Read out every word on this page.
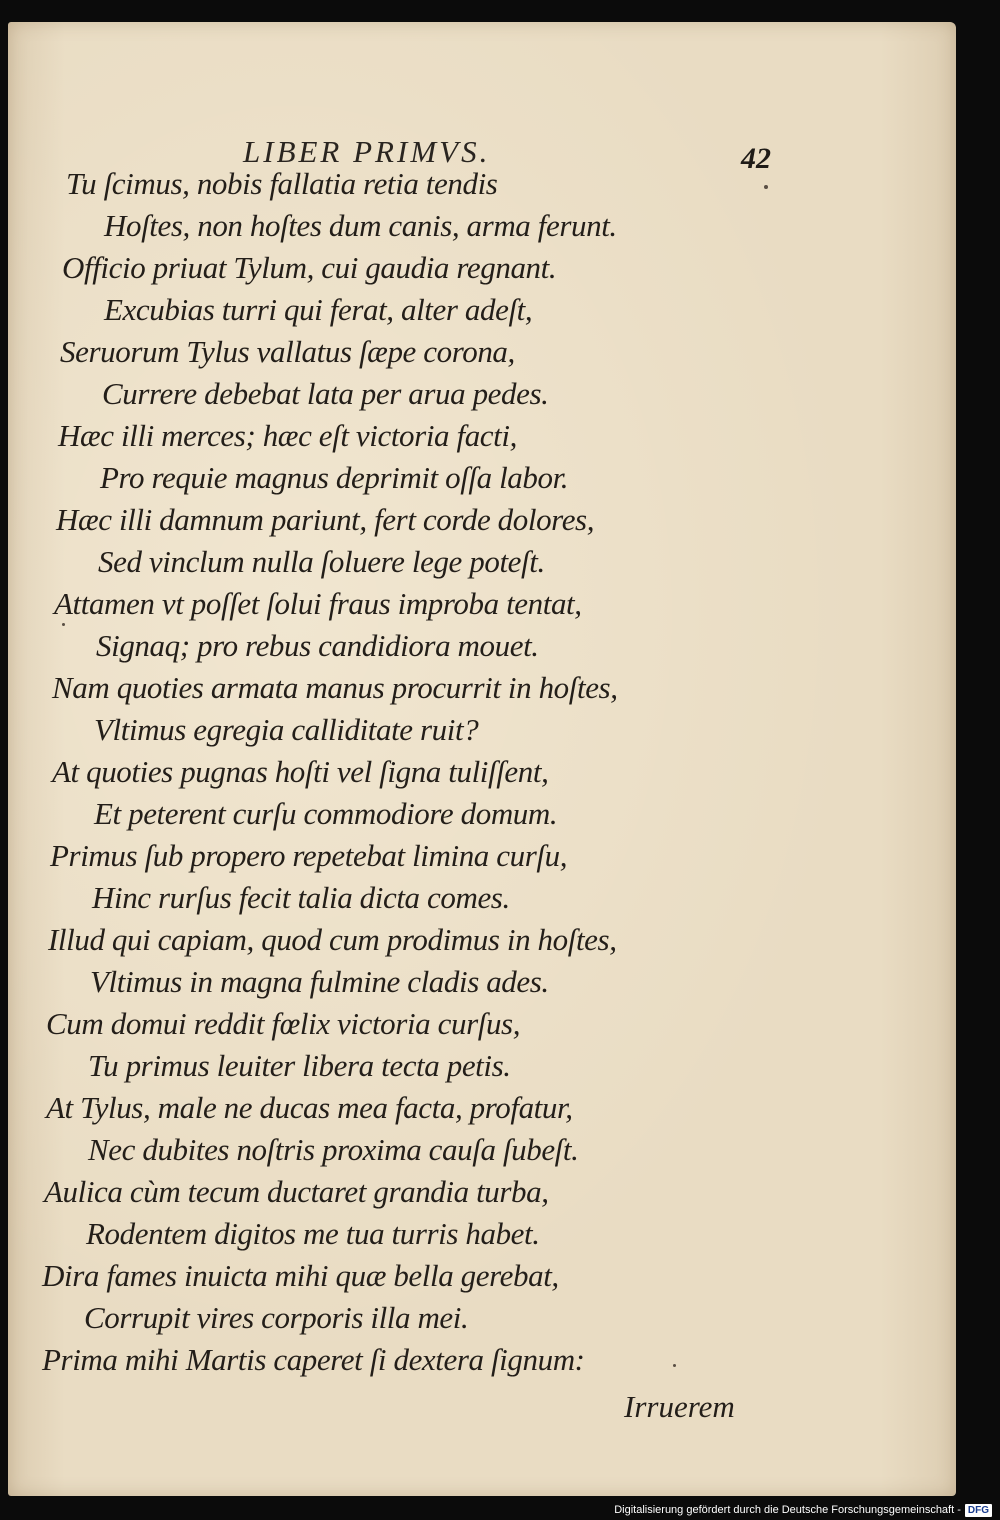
LIBER PRIMVS.	42
Tu ſcimus, nobis fallatia retia tendis
Hoſtes, non hoſtes dum canis, arma ferunt.
Officio priuat Tylum, cui gaudia regnant.
Excubias turri qui ferat, alter adeſt,
Seruorum Tylus vallatus ſæpe corona,
Currere debebat lata per arua pedes.
Hæc illi merces; hæc eſt victoria facti,
Pro requie magnus deprimit oſſa labor.
Hæc illi damnum pariunt, fert corde dolores,
Sed vinclum nulla ſoluere lege poteſt.
Attamen vt poſſet ſolui fraus improba tentat,
Signaq; pro rebus candidiora mouet.
Nam quoties armata manus procurrit in hoſtes,
Vltimus egregia calliditate ruit?
At quoties pugnas hoſti vel ſigna tuliſſent,
Et peterent curſu commodiore domum.
Primus ſub propero repetebat limina curſu,
Hinc rurſus fecit talia dicta comes.
Illud qui capiam, quod cum prodimus in hoſtes,
Vltimus in magna fulmine cladis ades.
Cum domui reddit fœlix victoria curſus,
Tu primus leuiter libera tecta petis.
At Tylus, male ne ducas mea facta, profatur,
Nec dubites noſtris proxima cauſa ſubeſt.
Aulica cùm tecum ductaret grandia turba,
Rodentem digitos me tua turris habet.
Dira fames inuicta mihi quæ bella gerebat,
Corrupit vires corporis illa mei.
Prima mihi Martis caperet ſi dextera ſignum:
Irruerem
Digitalisierung gefördert durch die Deutsche Forschungsgemeinschaft - DFG
